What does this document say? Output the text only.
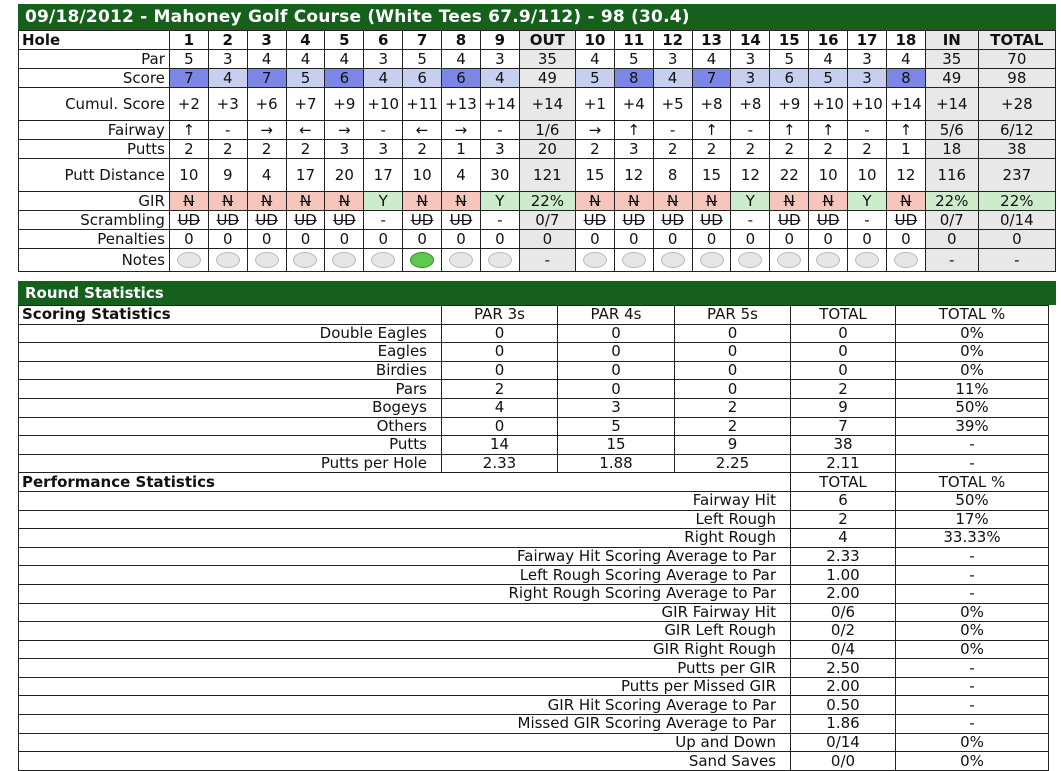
09/18/2012 - Mahoney Golf Course (White Tees 67.9/112) - 98 (30.4)
Hole	1	2	3	4	5	6	7	8	9	OUT	10	11	12	13	14	15	16	17	18	IN	TOTAL
Par	5	3	4	4	4	3	5	4	3	35	4	5	3	4	3	5	4	3	4	35	70
Score	7	4	7	5	6	4	6	6	4	49	5	8	4	7	3	6	5	3	8	49	98
Cumul. Score	+2	+3	+6	+7	+9	+10	+11	+13	+14	+14	+1	+4	+5	+8	+8	+9	+10	+10	+14	+14	+28
Fairway	↑	-	→	←	→	-	←	→	-	1/6	→	↑	-	↑	-	↑	↑	-	↑	5/6	6/12
Putts	2	2	2	2	3	3	2	1	3	20	2	3	2	2	2	2	2	2	1	18	38
Putt Distance	10	9	4	17	20	17	10	4	30	121	15	12	8	15	12	22	10	10	12	116	237
GIR	N	N	N	N	N	Y	N	N	Y	22%	N	N	N	N	Y	N	N	Y	N	22%	22%
Scrambling	UD	UD	UD	UD	UD	-	UD	UD	-	0/7	UD	UD	UD	UD	-	UD	UD	-	UD	0/7	0/14
Penalties	0	0	0	0	0	0	0	0	0	0	0	0	0	0	0	0	0	0	0	0	0
Notes										-										-	-
Round Statistics
Scoring Statistics	PAR 3s	PAR 4s	PAR 5s	TOTAL	TOTAL %
Double Eagles	0	0	0	0	0%
Eagles	0	0	0	0	0%
Birdies	0	0	0	0	0%
Pars	2	0	0	2	11%
Bogeys	4	3	2	9	50%
Others	0	5	2	7	39%
Putts	14	15	9	38	-
Putts per Hole	2.33	1.88	2.25	2.11	-
Performance Statistics				TOTAL	TOTAL %
Fairway Hit				6	50%
Left Rough				2	17%
Right Rough				4	33.33%
Fairway Hit Scoring Average to Par				2.33	-
Left Rough Scoring Average to Par				1.00	-
Right Rough Scoring Average to Par				2.00	-
GIR Fairway Hit				0/6	0%
GIR Left Rough				0/2	0%
GIR Right Rough				0/4	0%
Putts per GIR				2.50	-
Putts per Missed GIR				2.00	-
GIR Hit Scoring Average to Par				0.50	-
Missed GIR Scoring Average to Par				1.86	-
Up and Down				0/14	0%
Sand Saves				0/0	0%
